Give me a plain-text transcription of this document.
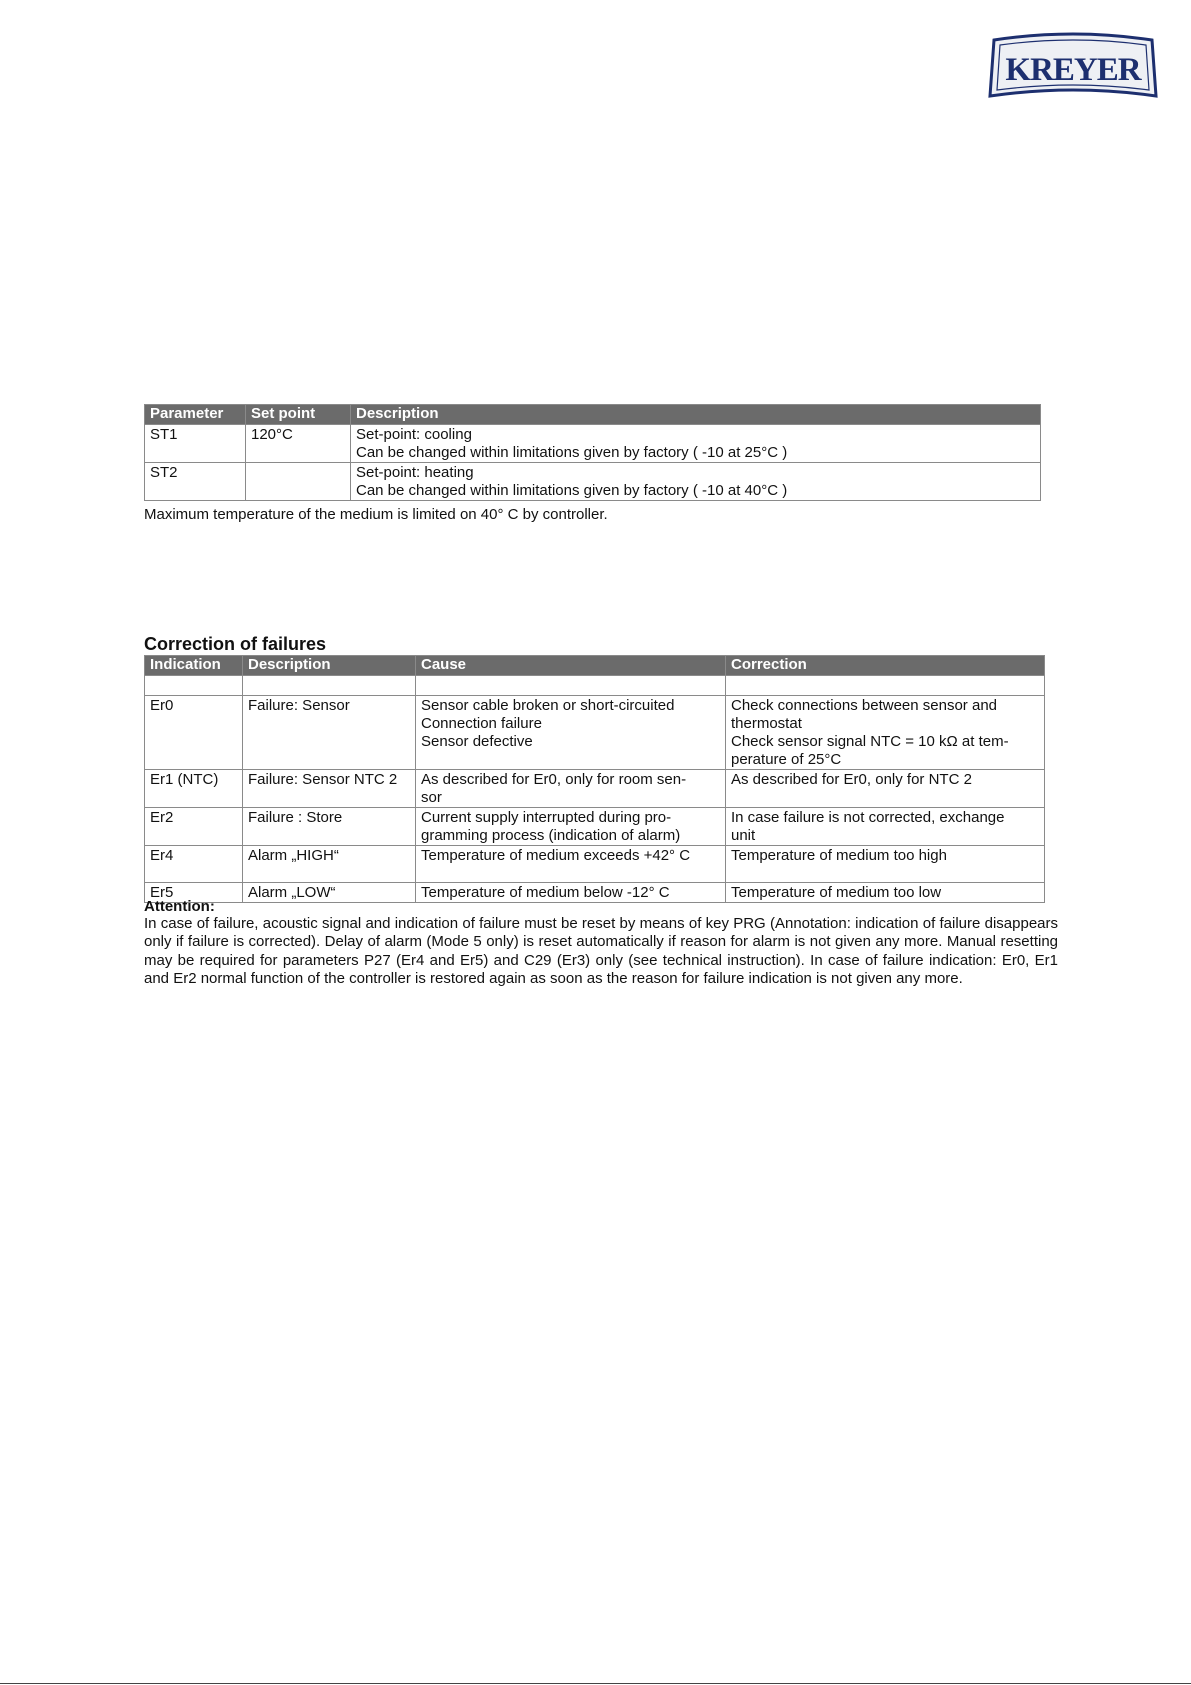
KREYER
Parameter	Set point	Description
ST1	120°C	Set-point: cooling
Can be changed within limitations given by factory ( -10 at 25°C )

ST2		Set-point: heating
Can be changed within limitations given by factory ( -10 at 40°C )
Maximum temperature of the medium is limited on 40° C by controller.
Correction of failures
Indication	Description	Cause	Correction

Er0	Failure: Sensor	Sensor cable broken or short-circuited
Connection failure
Sensor defective	Check connections between sensor and
thermostat
Check sensor signal NTC = 10 kΩ at tem-
perature of 25°C

Er1 (NTC)	Failure: Sensor NTC 2	As described for Er0, only for room sen-
sor	As described for Er0, only for NTC 2

Er2	Failure : Store	Current supply interrupted during pro-
gramming process (indication of alarm)	In case failure is not corrected, exchange
unit

Er4	Alarm „HIGH“	Temperature of medium exceeds +42° C	Temperature of medium too high

Er5	Alarm „LOW“	Temperature of medium below -12° C	Temperature of medium too low
Attention:
In case of failure, acoustic signal and indication of failure must be reset by means of key PRG (Annotation: indication of failure disappears only if failure is corrected). Delay of alarm (Mode 5 only) is reset automatically if reason for alarm is not given any more. Manual resetting may be required for parameters P27 (Er4 and Er5) and C29 (Er3) only (see technical instruction). In case of failure indication: Er0, Er1 and Er2 normal function of the controller is restored again as soon as the reason for failure indication is not given any more.
